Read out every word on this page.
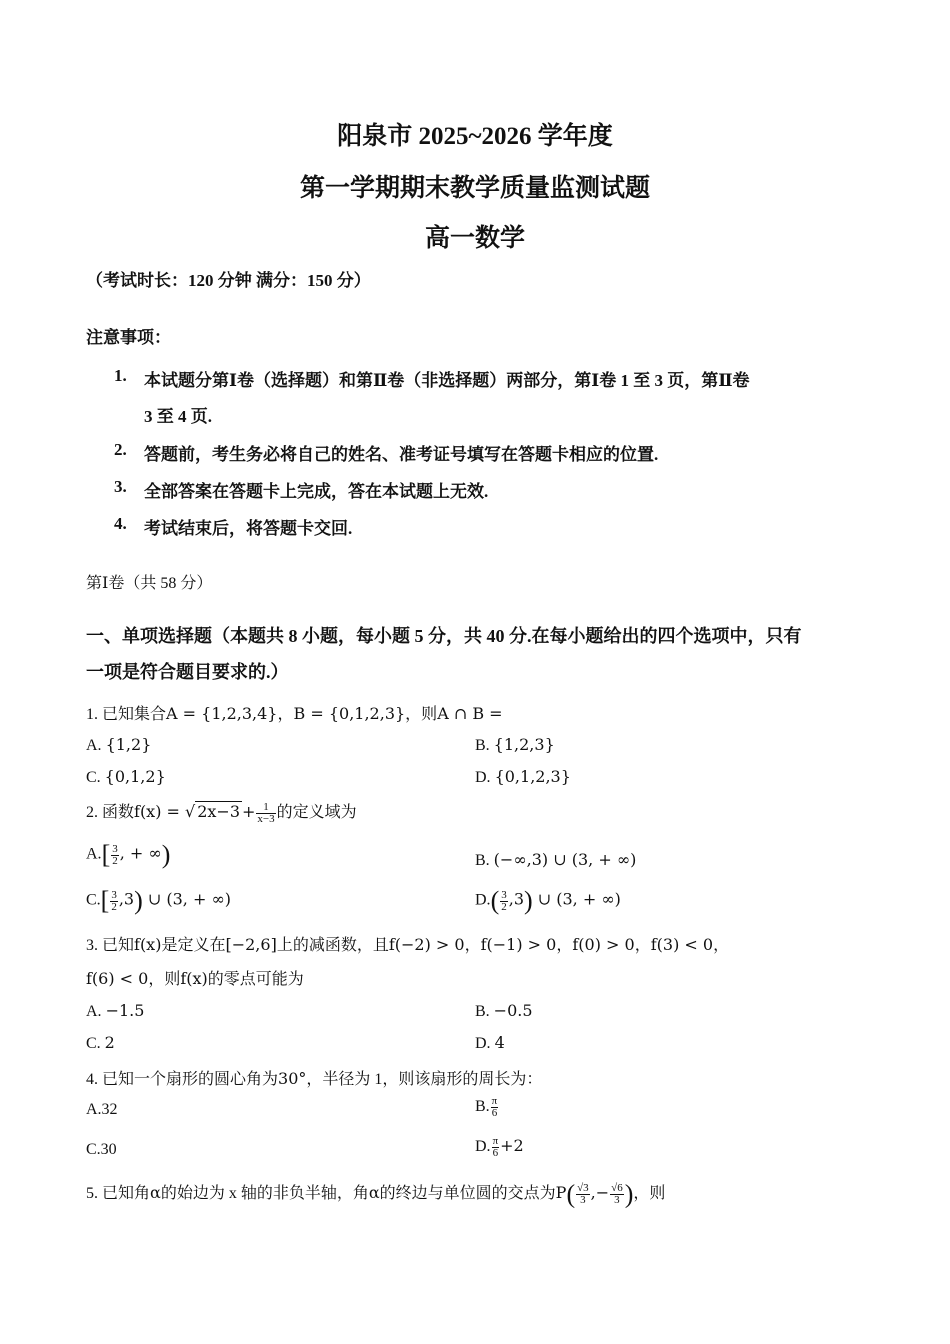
阳泉市 2025~2026 学年度
第一学期期末教学质量监测试题
高一数学
（考试时长：120 分钟 满分：150 分）
注意事项：
1. 本试题分第Ⅰ卷（选择题）和第Ⅱ卷（非选择题）两部分，第Ⅰ卷 1 至 3 页，第Ⅱ卷
3 至 4 页.
2. 答题前，考生务必将自己的姓名、准考证号填写在答题卡相应的位置.
3. 全部答案在答题卡上完成，答在本试题上无效.
4. 考试结束后，将答题卡交回.
第Ⅰ卷（共 58 分）
一、单项选择题（本题共 8 小题，每小题 5 分，共 40 分.在每小题给出的四个选项中，只有
一项是符合题目要求的.）
1. 已知集合A = {1,2,3,4}，B = {0,1,2,3}，则A ∩ B =
A. {1,2}	B. {1,2,3}
C. {0,1,2}	D. {0,1,2,3}
2. 函数f(x) = √ $2x-3 + \frac{1}{x-3}$ 的定义域为
$A.[ \frac{3}{2}$ , + ∞)	B. (−∞,3) ∪ (3, + ∞)
$C.[ \frac{3}{2} ,3)$ ∪ (3, + ∞)	$D.( \frac{3}{2} ,3)$ ∪ (3, + ∞)
3. 已知f(x)是定义在[−2,6]上的减函数，且f(−2) > 0，f(−1) > 0，f(0) > 0，f(3) < 0，
f(6) < 0，则f(x)的零点可能为
A. −1.5	B. −0.5
C. 2	D. 4
4. 已知一个扇形的圆心角为30°，半径为 1，则该扇形的周长为：
A.32	B. $\frac{\pi}{6}$
C.30	D. $\frac{\pi}{6} +2$
5. 已知角α的始边为 x 轴的非负半轴，角α的终边与单位圆的交点为$P( \frac{√3}{3}$ ,− $\frac{√6}{3}$ )，则
